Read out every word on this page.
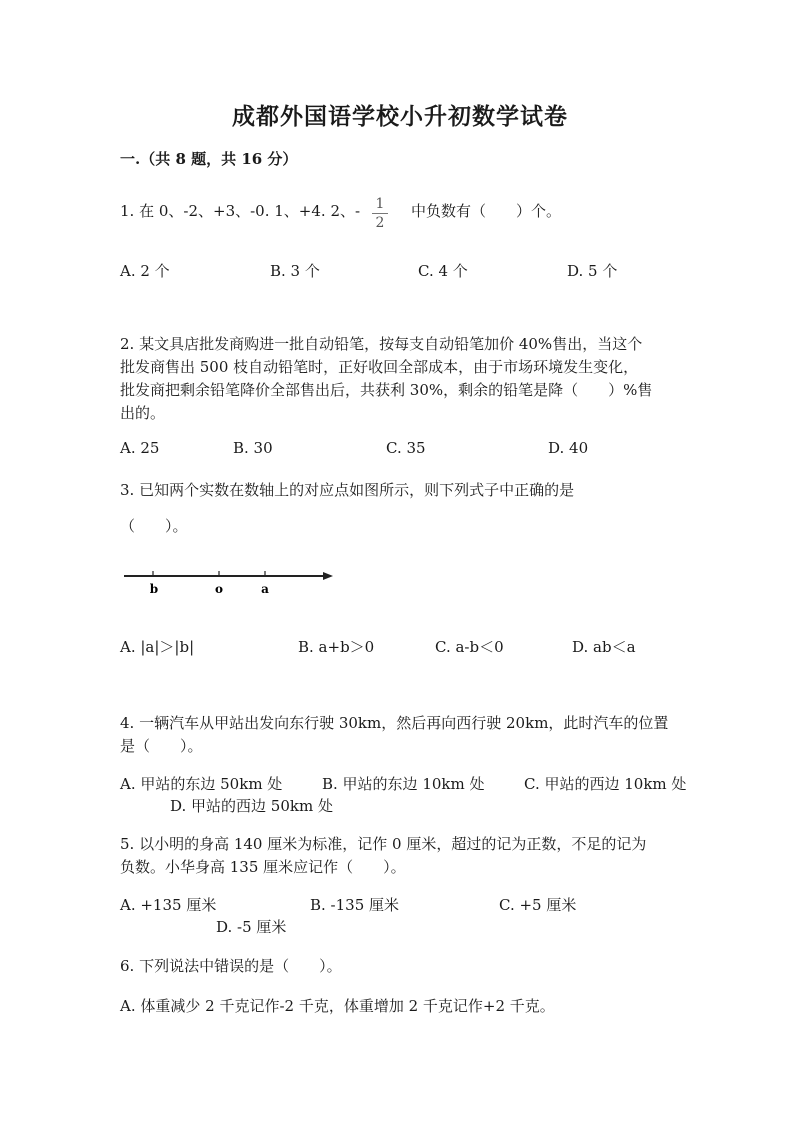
成都外国语学校小升初数学试卷
一.（共 8 题，共 16 分）
1. 在 0、-2、+3、-0. 1、+4. 2、- 1
2
中负数有（　　）个。
A. 2 个	B. 3 个	C. 4 个	D. 5 个
2. 某文具店批发商购进一批自动铅笔，按每支自动铅笔加价 40%售出，当这个
批发商售出 500 枝自动铅笔时，正好收回全部成本，由于市场环境发生变化，
批发商把剩余铅笔降价全部售出后，共获利 30%，剩余的铅笔是降（　　）%售
出的。
A. 25	B. 30	C. 35	D. 40
3. 已知两个实数在数轴上的对应点如图所示，则下列式子中正确的是
（　　）。
b	o	a
A. |a|＞|b|	B. a+b＞0	C. a-b＜0	D. ab＜a
4. 一辆汽车从甲站出发向东行驶 30km，然后再向西行驶 20km，此时汽车的位置
是（　　）。
A. 甲站的东边 50km 处	B. 甲站的东边 10km 处	C. 甲站的西边 10km 处
D. 甲站的西边 50km 处
5. 以小明的身高 140 厘米为标准，记作 0 厘米，超过的记为正数，不足的记为
负数。小华身高 135 厘米应记作（　　）。
A. +135 厘米	B. -135 厘米	C. +5 厘米
D. -5 厘米
6. 下列说法中错误的是（　　）。
A. 体重减少 2 千克记作-2 千克，体重增加 2 千克记作+2 千克。
